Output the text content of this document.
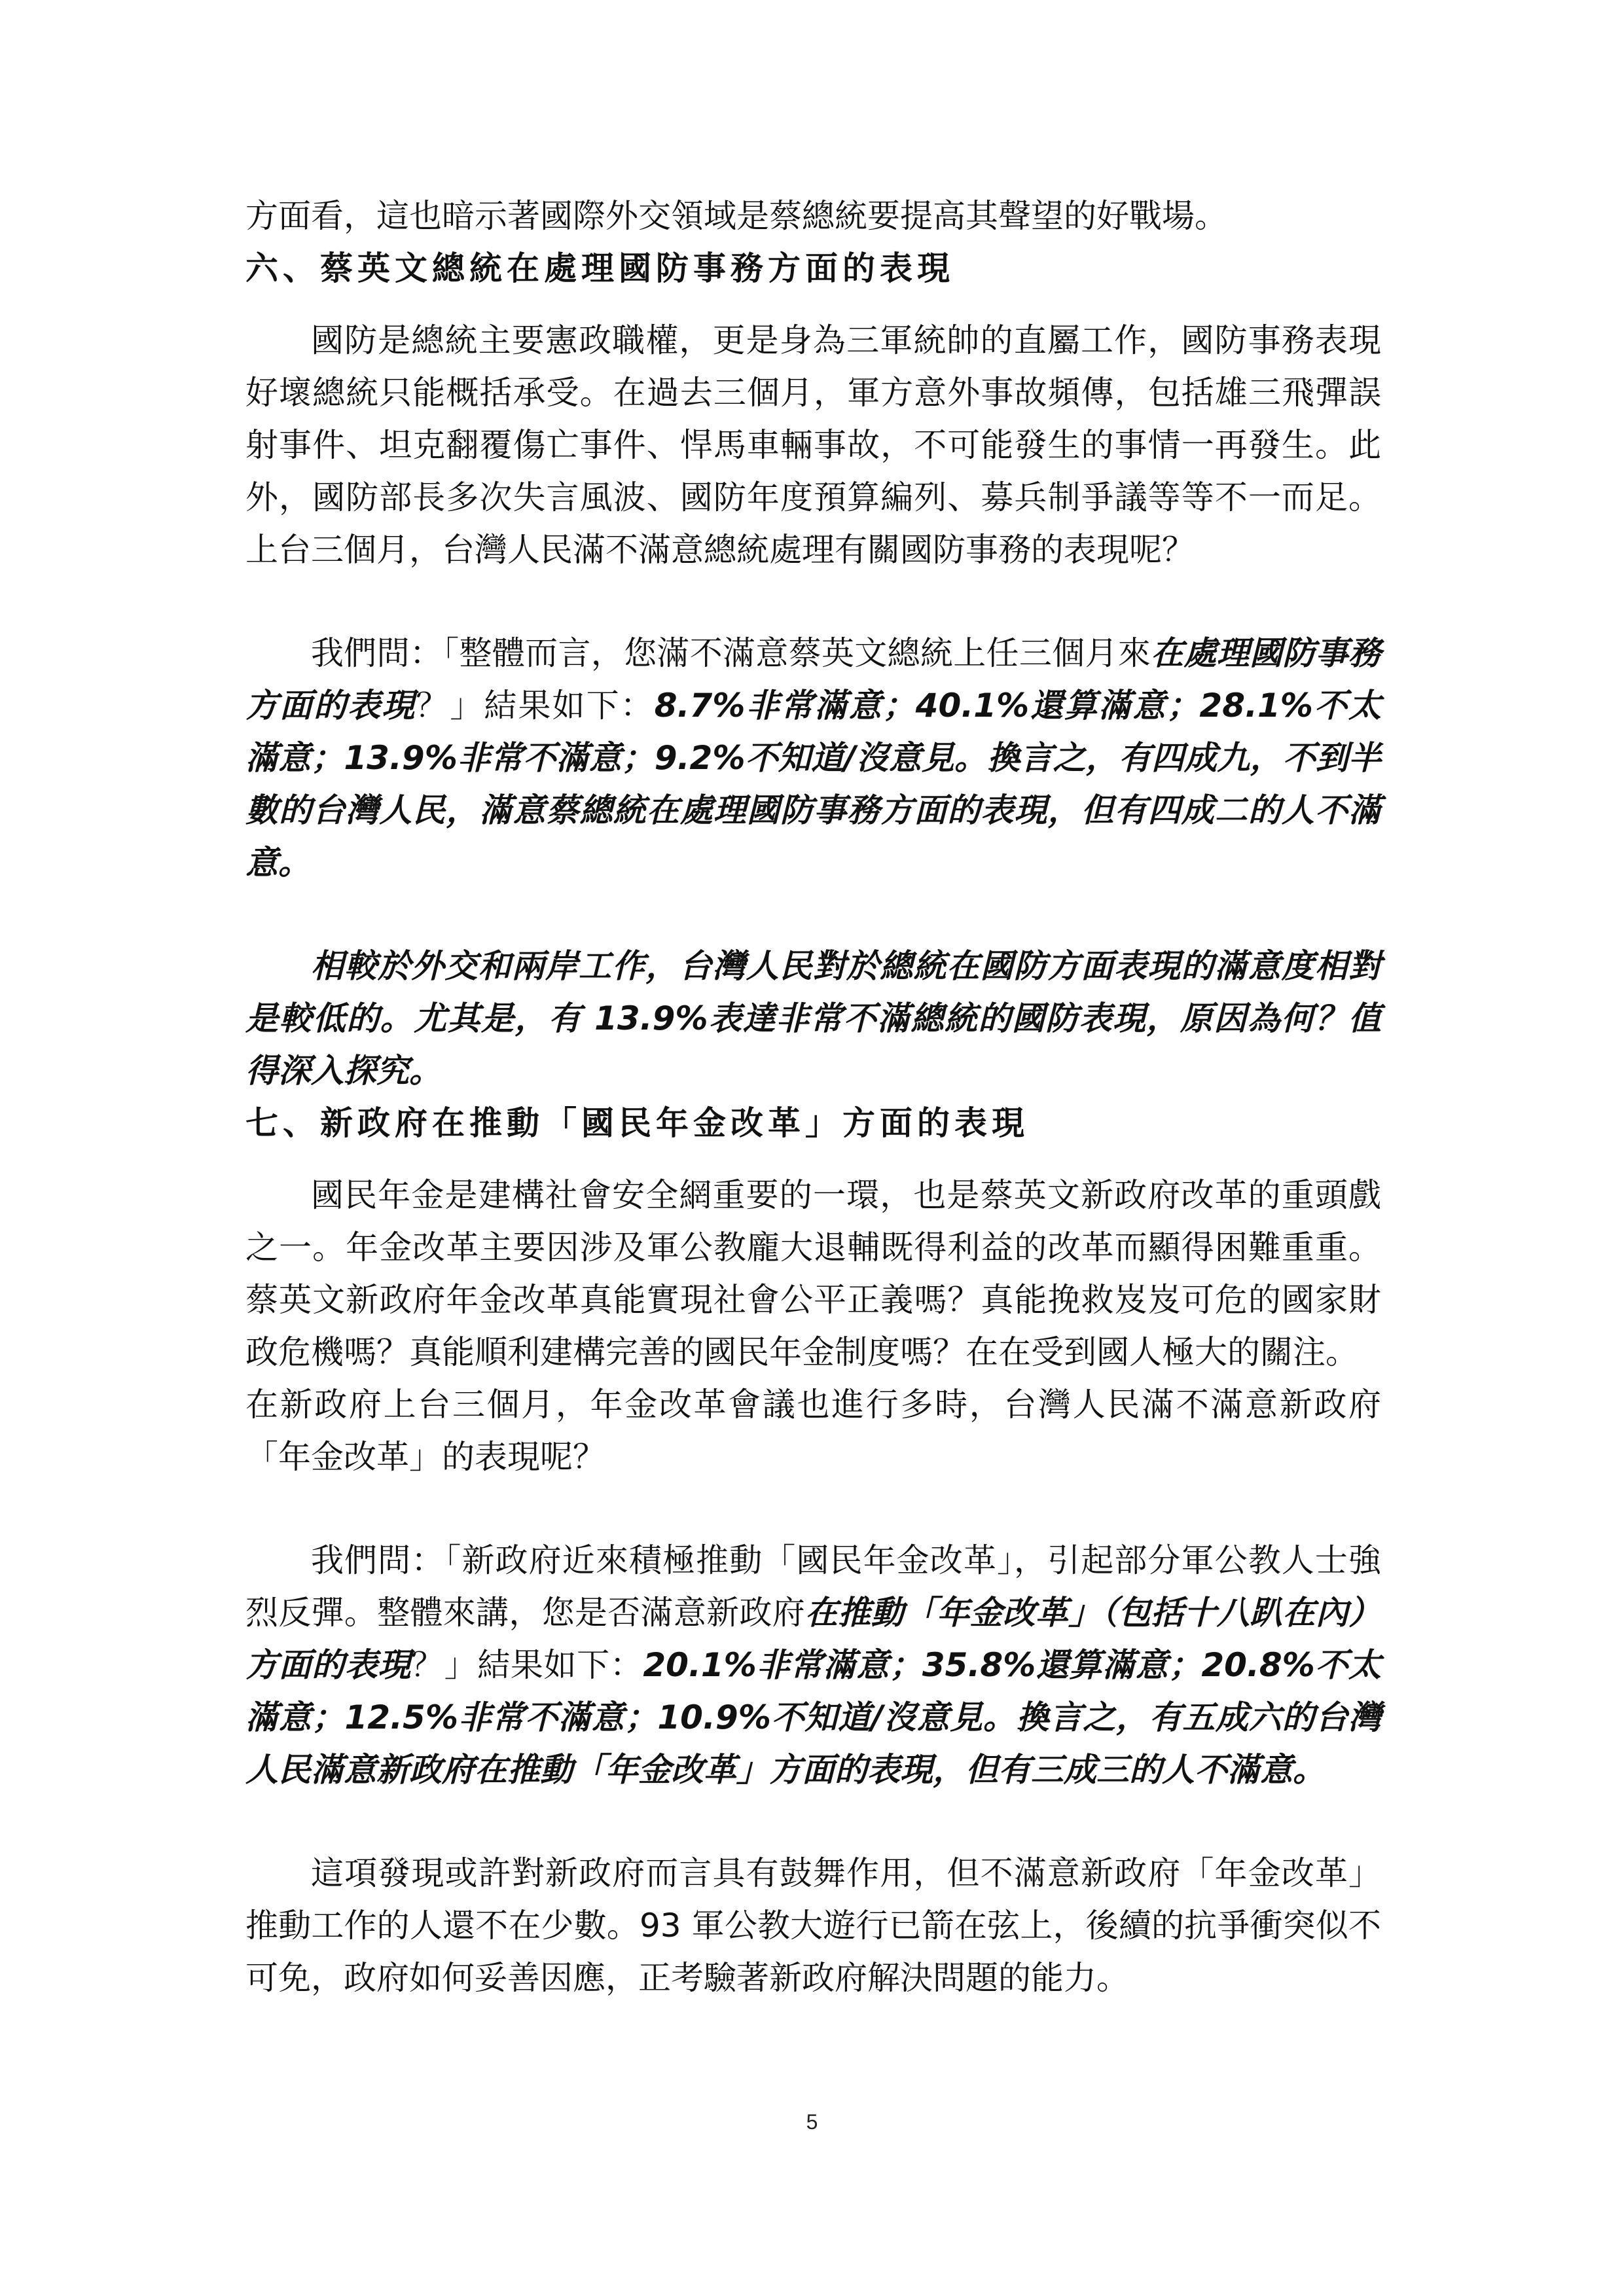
方面看，這也暗示著國際外交領域是蔡總統要提高其聲望的好戰場。

六、蔡英文總統在處理國防事務方面的表現

國防是總統主要憲政職權，更是身為三軍統帥的直屬工作，國防事務表現好壞總統只能概括承受。在過去三個月，軍方意外事故頻傳，包括雄三飛彈誤射事件、坦克翻覆傷亡事件、悍馬車輛事故，不可能發生的事情一再發生。此外，國防部長多次失言風波、國防年度預算編列、募兵制爭議等等不一而足。上台三個月，台灣人民滿不滿意總統處理有關國防事務的表現呢？

我們問：「整體而言，您滿不滿意蔡英文總統上任三個月來在處理國防事務方面的表現？」結果如下：8.7%非常滿意；40.1%還算滿意；28.1%不太滿意；13.9%非常不滿意；9.2%不知道/沒意見。換言之，有四成九，不到半數的台灣人民，滿意蔡總統在處理國防事務方面的表現，但有四成二的人不滿意。

相較於外交和兩岸工作，台灣人民對於總統在國防方面表現的滿意度相對是較低的。尤其是，有 13.9%表達非常不滿總統的國防表現，原因為何？值得深入探究。

七、新政府在推動「國民年金改革」方面的表現

國民年金是建構社會安全網重要的一環，也是蔡英文新政府改革的重頭戲之一。年金改革主要因涉及軍公教龐大退輔既得利益的改革而顯得困難重重。蔡英文新政府年金改革真能實現社會公平正義嗎？真能挽救岌岌可危的國家財政危機嗎？真能順利建構完善的國民年金制度嗎？在在受到國人極大的關注。

在新政府上台三個月，年金改革會議也進行多時，台灣人民滿不滿意新政府「年金改革」的表現呢？

我們問：「新政府近來積極推動「國民年金改革」，引起部分軍公教人士強烈反彈。整體來講，您是否滿意新政府在推動「年金改革」（包括十八趴在內）方面的表現？」結果如下：20.1%非常滿意；35.8%還算滿意；20.8%不太滿意；12.5%非常不滿意；10.9%不知道/沒意見。換言之，有五成六的台灣人民滿意新政府在推動「年金改革」方面的表現，但有三成三的人不滿意。

這項發現或許對新政府而言具有鼓舞作用，但不滿意新政府「年金改革」推動工作的人還不在少數。93 軍公教大遊行已箭在弦上，後續的抗爭衝突似不可免，政府如何妥善因應，正考驗著新政府解決問題的能力。

5
